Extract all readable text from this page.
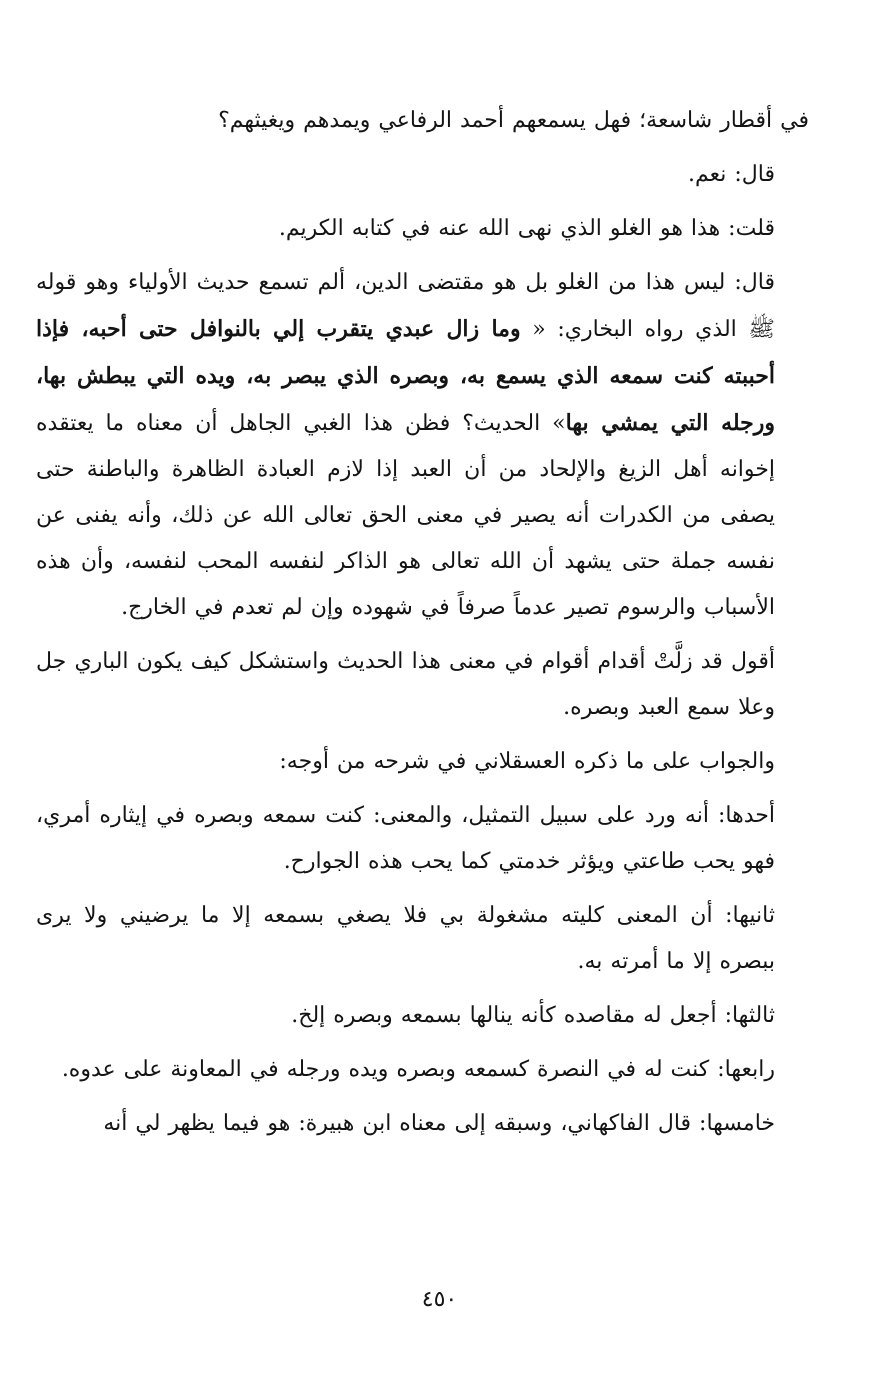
في أقطار شاسعة؛ فهل يسمعهم أحمد الرفاعي ويمدهم ويغيثهم؟

قال: نعم.

قلت: هذا هو الغلو الذي نهى الله عنه في كتابه الكريم.

قال: ليس هذا من الغلو بل هو مقتضى الدين، ألم تسمع حديث الأولياء وهو قوله ﷺ الذي رواه البخاري: « وما زال عبدي يتقرب إلي بالنوافل حتى أحبه، فإذا أحببته كنت سمعه الذي يسمع به، وبصره الذي يبصر به، ويده التي يبطش بها، ورجله التي يمشي بها» الحديث؟ فظن هذا الغبي الجاهل أن معناه ما يعتقده إخوانه أهل الزيغ والإلحاد من أن العبد إذا لازم العبادة الظاهرة والباطنة حتى يصفى من الكدرات أنه يصير في معنى الحق تعالى الله عن ذلك، وأنه يفنى عن نفسه جملة حتى يشهد أن الله تعالى هو الذاكر لنفسه المحب لنفسه، وأن هذه الأسباب والرسوم تصير عدماً صرفاً في شهوده وإن لم تعدم في الخارج.

أقول قد زلَّتْ أقدام أقوام في معنى هذا الحديث واستشكل كيف يكون الباري جل وعلا سمع العبد وبصره.

والجواب على ما ذكره العسقلاني في شرحه من أوجه:

أحدها: أنه ورد على سبيل التمثيل، والمعنى: كنت سمعه وبصره في إيثاره أمري، فهو يحب طاعتي ويؤثر خدمتي كما يحب هذه الجوارح.

ثانيها: أن المعنى كليته مشغولة بي فلا يصغي بسمعه إلا ما يرضيني ولا يرى ببصره إلا ما أمرته به.

ثالثها: أجعل له مقاصده كأنه ينالها بسمعه وبصره إلخ.

رابعها: كنت له في النصرة كسمعه وبصره ويده ورجله في المعاونة على عدوه.

خامسها: قال الفاكهاني، وسبقه إلى معناه ابن هبيرة: هو فيما يظهر لي أنه

٤٥٠
